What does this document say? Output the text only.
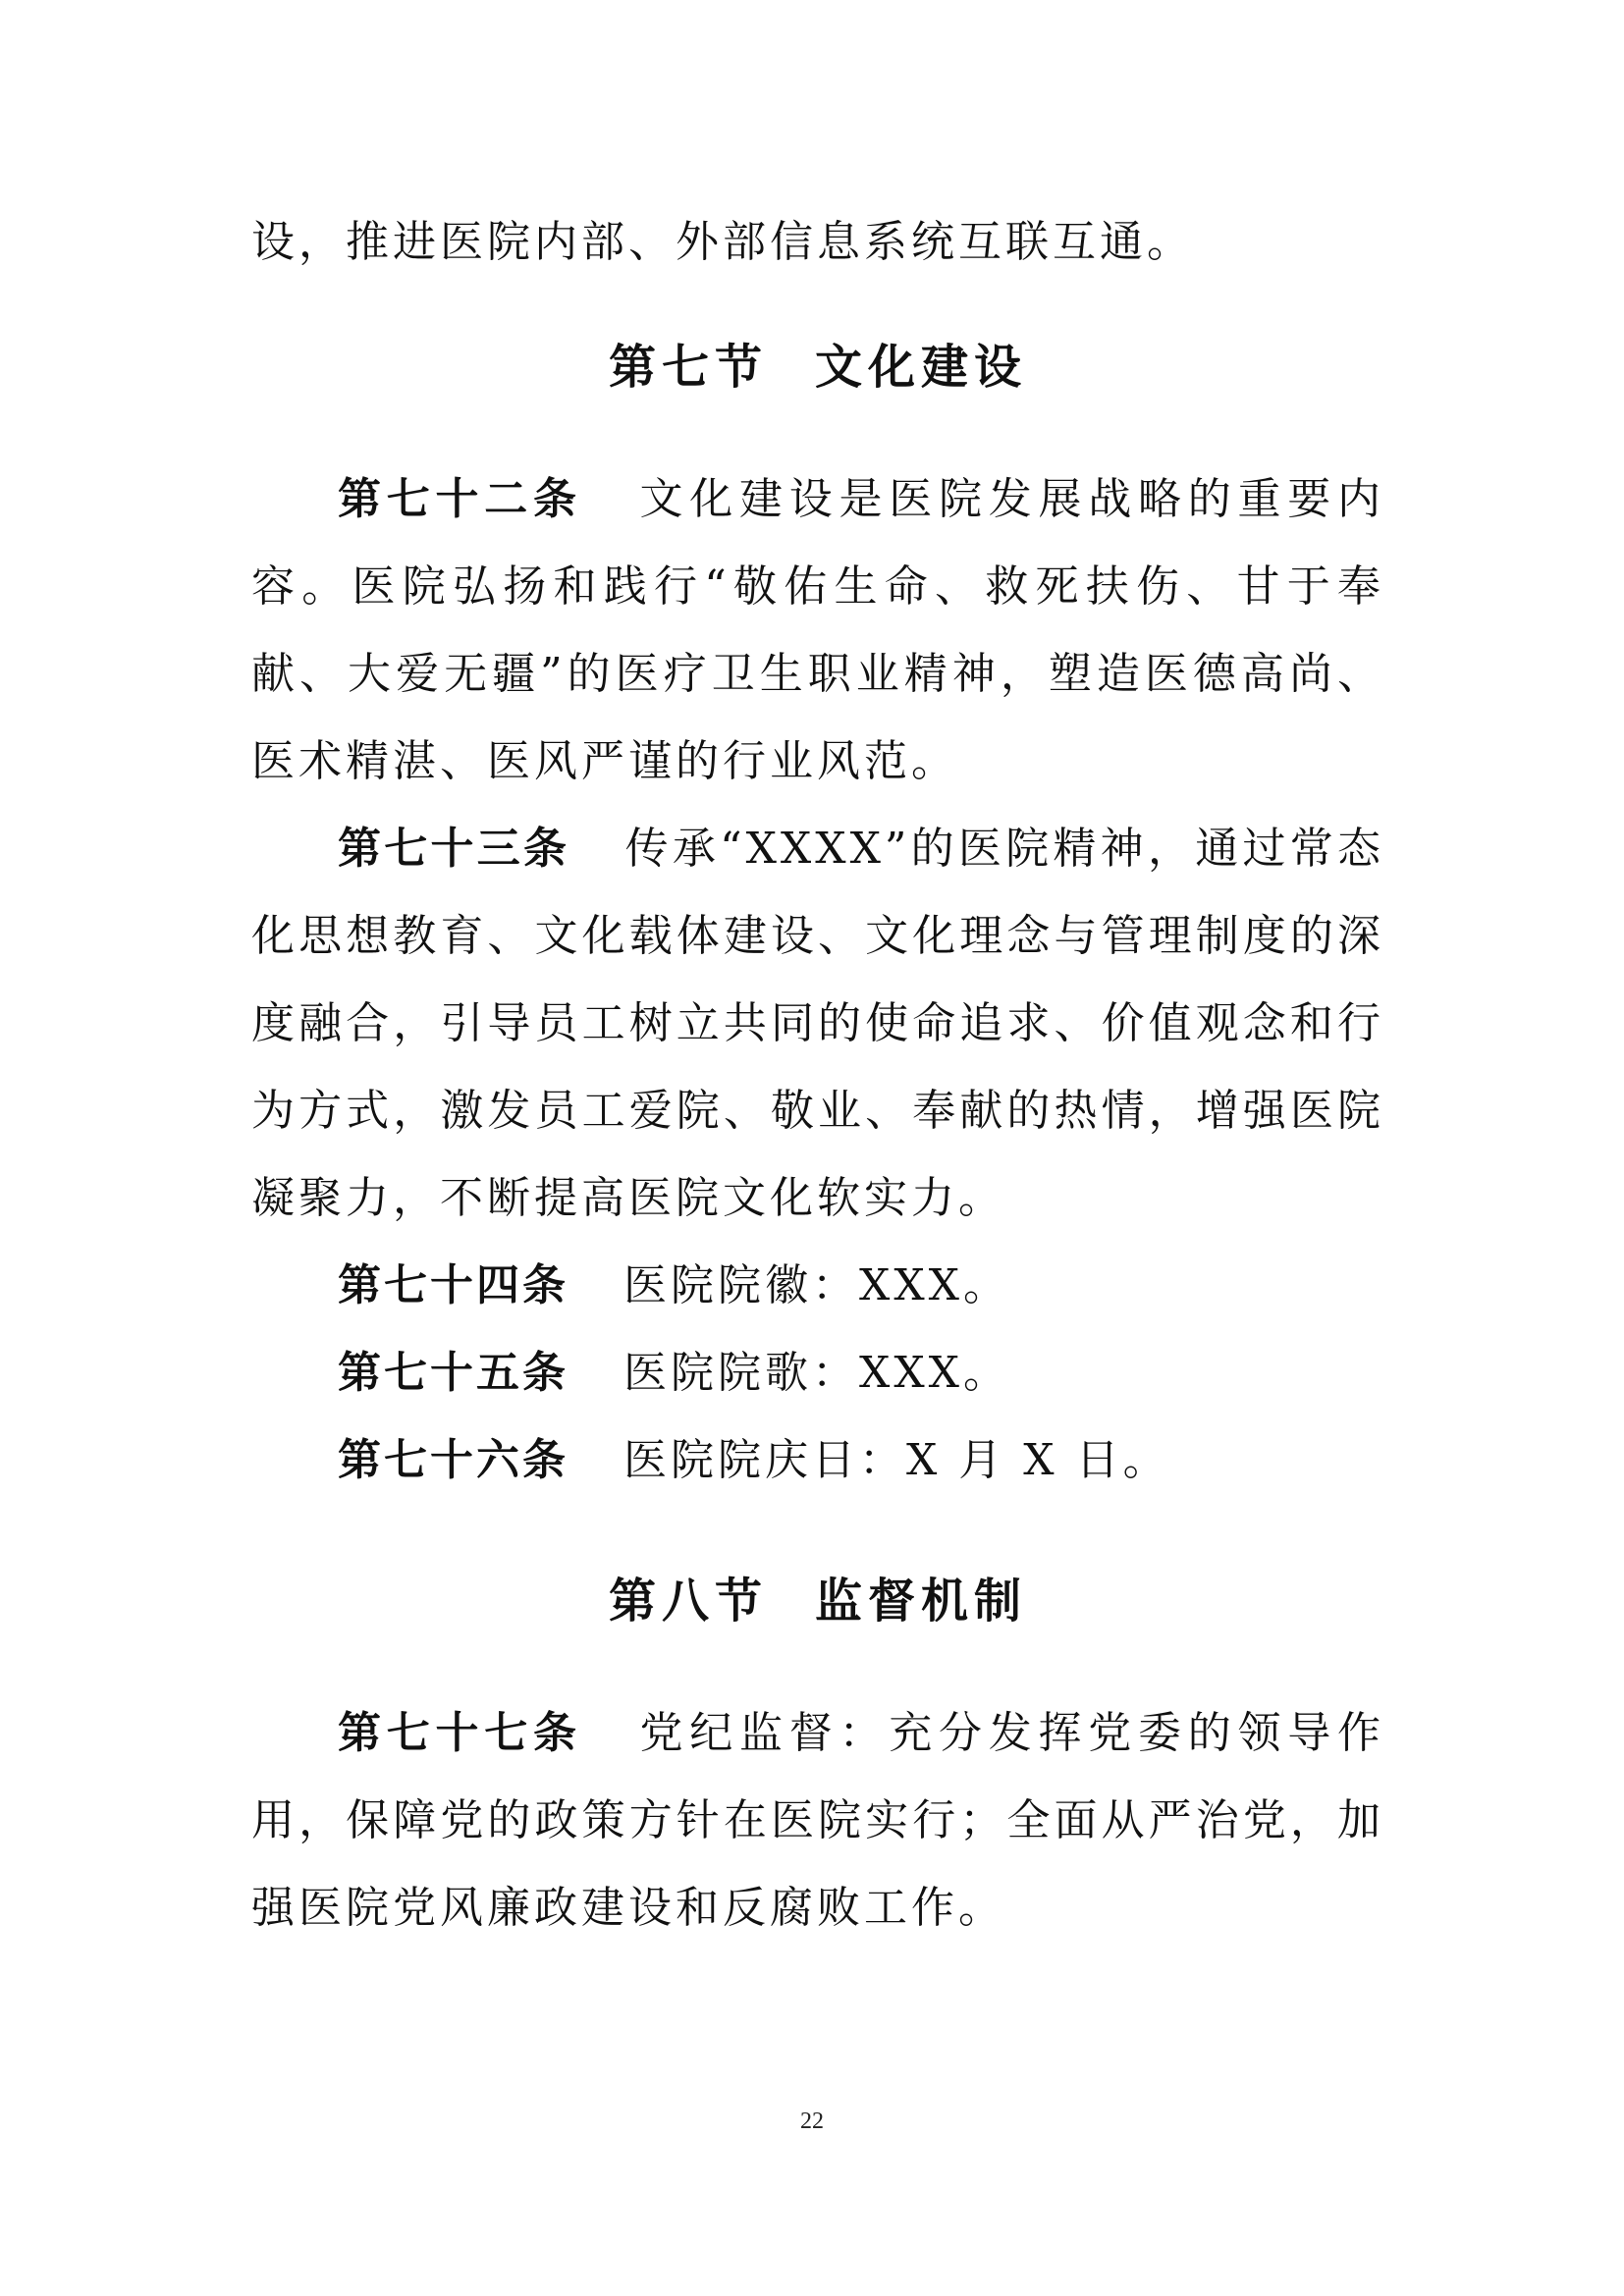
设，推进医院内部、外部信息系统互联互通。

第七节 文化建设

第七十二条 文化建设是医院发展战略的重要内容。医院弘扬和践行“敬佑生命、救死扶伤、甘于奉献、大爱无疆”的医疗卫生职业精神，塑造医德高尚、医术精湛、医风严谨的行业风范。

第七十三条 传承“XXXX”的医院精神，通过常态化思想教育、文化载体建设、文化理念与管理制度的深度融合，引导员工树立共同的使命追求、价值观念和行为方式，激发员工爱院、敬业、奉献的热情，增强医院凝聚力，不断提高医院文化软实力。

第七十四条 医院院徽：XXX。

第七十五条 医院院歌：XXX。

第七十六条 医院院庆日：X 月 X 日。

第八节 监督机制

第七十七条 党纪监督：充分发挥党委的领导作用，保障党的政策方针在医院实行；全面从严治党，加强医院党风廉政建设和反腐败工作。

22
